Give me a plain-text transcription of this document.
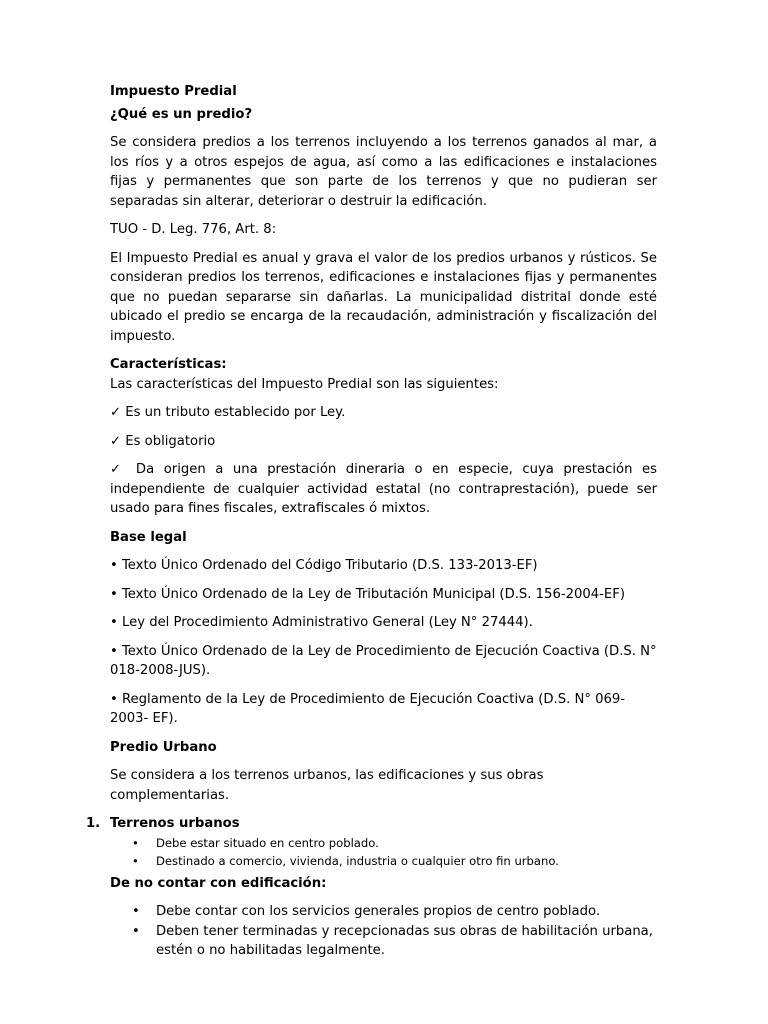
Impuesto Predial

¿Qué es un predio?

Se considera predios a los terrenos incluyendo a los terrenos ganados al mar, a los ríos y a otros espejos de agua, así como a las edificaciones e instalaciones fijas y permanentes que son parte de los terrenos y que no pudieran ser separadas sin alterar, deteriorar o destruir la edificación.

TUO - D. Leg. 776, Art. 8:

El Impuesto Predial es anual y grava el valor de los predios urbanos y rústicos. Se consideran predios los terrenos, edificaciones e instalaciones fijas y permanentes que no puedan separarse sin dañarlas. La municipalidad distrital donde esté ubicado el predio se encarga de la recaudación, administración y fiscalización del impuesto.

Características:

Las características del Impuesto Predial son las siguientes:

✓ Es un tributo establecido por Ley.

✓ Es obligatorio

✓ Da origen a una prestación dineraria o en especie, cuya prestación es independiente de cualquier actividad estatal (no contraprestación), puede ser usado para fines fiscales, extrafiscales ó mixtos.

Base legal

• Texto Único Ordenado del Código Tributario (D.S. 133-2013-EF)

• Texto Único Ordenado de la Ley de Tributación Municipal (D.S. 156-2004-EF)

• Ley del Procedimiento Administrativo General (Ley N° 27444).

• Texto Único Ordenado de la Ley de Procedimiento de Ejecución Coactiva (D.S. N° 018-2008-JUS).

• Reglamento de la Ley de Procedimiento de Ejecución Coactiva (D.S. N° 069-2003- EF).

Predio Urbano

Se considera a los terrenos urbanos, las edificaciones y sus obras complementarias.

1. Terrenos urbanos
• Debe estar situado en centro poblado.
• Destinado a comercio, vivienda, industria o cualquier otro fin urbano.

De no contar con edificación:

• Debe contar con los servicios generales propios de centro poblado.
• Deben tener terminadas y recepcionadas sus obras de habilitación urbana, estén o no habilitadas legalmente.
